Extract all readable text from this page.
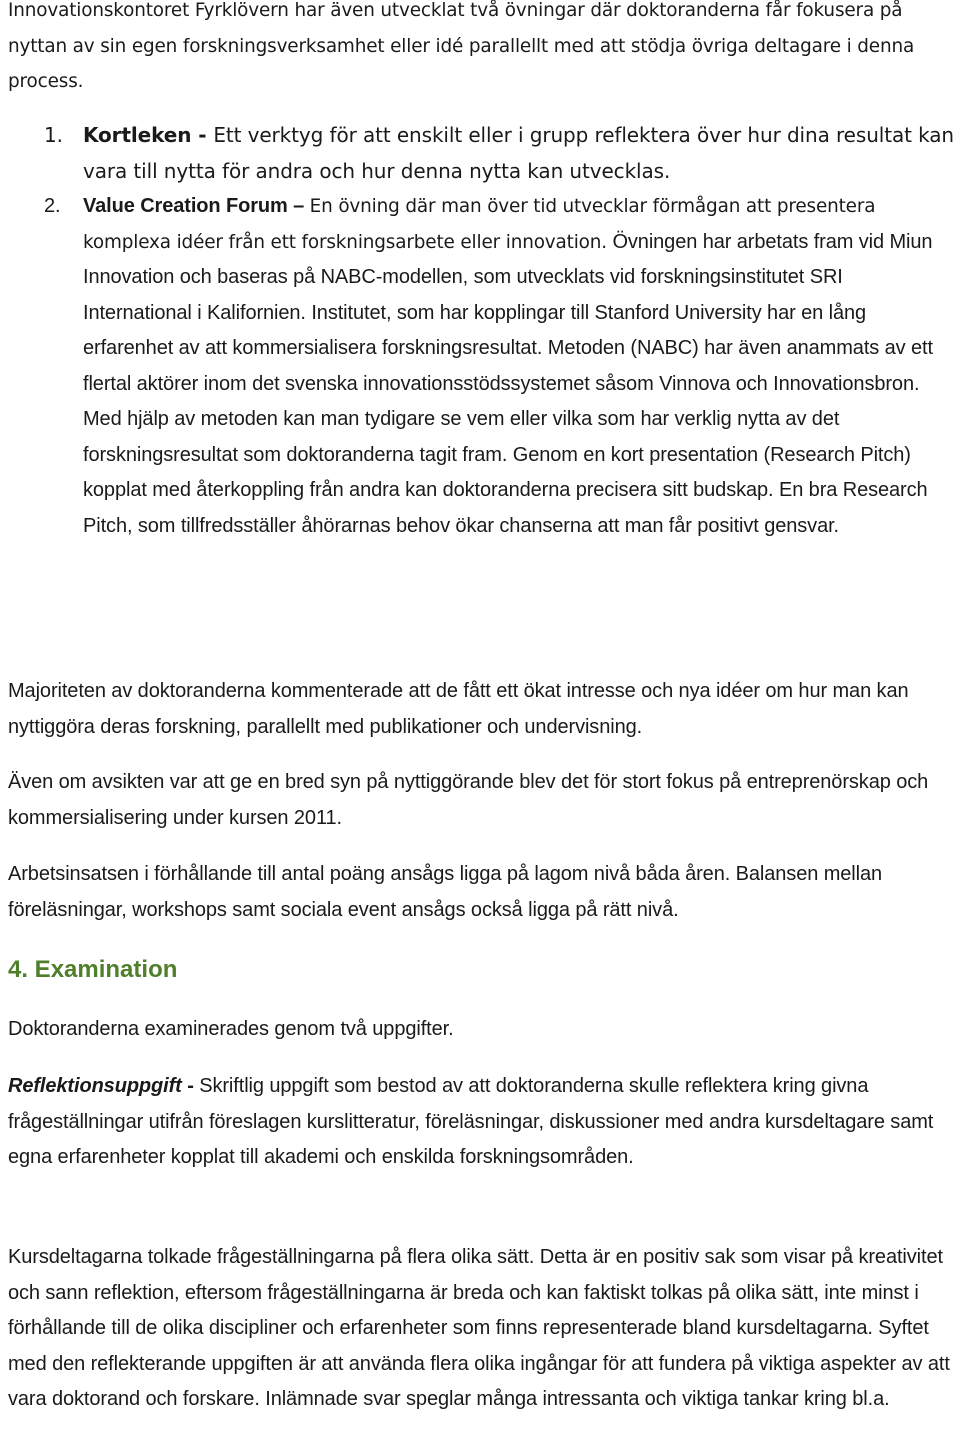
Innovationskontoret Fyrklövern har även utvecklat två övningar där doktoranderna får fokusera på nyttan av sin egen forskningsverksamhet eller idé parallellt med att stödja övriga deltagare i denna process.

1. Kortleken - Ett verktyg för att enskilt eller i grupp reflektera över hur dina resultat kan vara till nytta för andra och hur denna nytta kan utvecklas.
2. Value Creation Forum – En övning där man över tid utvecklar förmågan att presentera komplexa idéer från ett forskningsarbete eller innovation. Övningen har arbetats fram vid Miun Innovation och baseras på NABC-modellen, som utvecklats vid forskningsinstitutet SRI International i Kalifornien. Institutet, som har kopplingar till Stanford University har en lång erfarenhet av att kommersialisera forskningsresultat. Metoden (NABC) har även anammats av ett flertal aktörer inom det svenska innovationsstödssystemet såsom Vinnova och Innovationsbron. Med hjälp av metoden kan man tydigare se vem eller vilka som har verklig nytta av det forskningsresultat som doktoranderna tagit fram. Genom en kort presentation (Research Pitch) kopplat med återkoppling från andra kan doktoranderna precisera sitt budskap. En bra Research Pitch, som tillfredsställer åhörarnas behov ökar chanserna att man får positivt gensvar.

Majoriteten av doktoranderna kommenterade att de fått ett ökat intresse och nya idéer om hur man kan nyttiggöra deras forskning, parallellt med publikationer och undervisning.

Även om avsikten var att ge en bred syn på nyttiggörande blev det för stort fokus på entreprenörskap och kommersialisering under kursen 2011.

Arbetsinsatsen i förhållande till antal poäng ansågs ligga på lagom nivå båda åren. Balansen mellan föreläsningar, workshops samt sociala event ansågs också ligga på rätt nivå.

4. Examination

Doktoranderna examinerades genom två uppgifter.

Reflektionsuppgift - Skriftlig uppgift som bestod av att doktoranderna skulle reflektera kring givna frågeställningar utifrån föreslagen kurslitteratur, föreläsningar, diskussioner med andra kursdeltagare samt egna erfarenheter kopplat till akademi och enskilda forskningsområden.

Kursdeltagarna tolkade frågeställningarna på flera olika sätt. Detta är en positiv sak som visar på kreativitet och sann reflektion, eftersom frågeställningarna är breda och kan faktiskt tolkas på olika sätt, inte minst i förhållande till de olika discipliner och erfarenheter som finns representerade bland kursdeltagarna. Syftet med den reflekterande uppgiften är att använda flera olika ingångar för att fundera på viktiga aspekter av att vara doktorand och forskare. Inlämnade svar speglar många intressanta och viktiga tankar kring bl.a.
